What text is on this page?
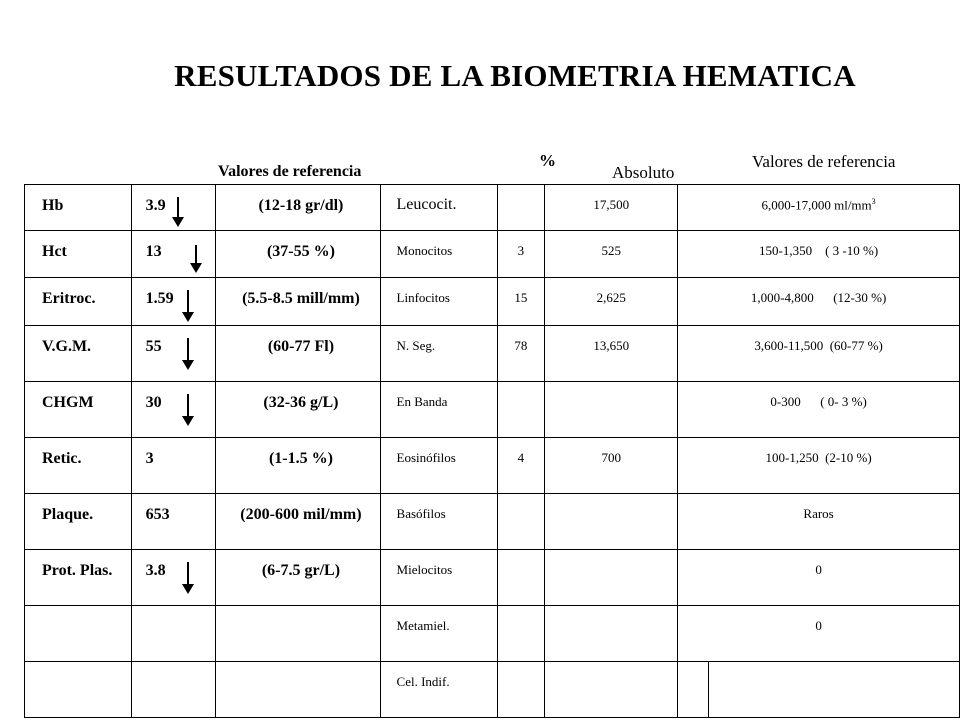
RESULTADOS DE LA BIOMETRIA HEMATICA
Valores de referencia
%
Absoluto
Valores de referencia
Hb	3.9	(12-18 gr/dl)	Leucocit.		17,500	6,000-17,000 $ml/mm^3$
Hct	13	(37-55 %)	Monocitos	3	525	150-1,350    ( 3 -10 %)
Eritroc.	1.59	(5.5-8.5 mill/mm)	Linfocitos	15	2,625	1,000-4,800      (12-30 %)
V.G.M.	55	(60-77 Fl)	N. Seg.	78	13,650	3,600-11,500  (60-77 %)
CHGM	30	(32-36 g/L)	En Banda			0-300      ( 0- 3 %)
Retic.	3	(1-1.5 %)	Eosinófilos	4	700	100-1,250  (2-10 %)
Plaque.	653	(200-600 mil/mm)	Basófilos			Raros
Prot. Plas.	3.8	(6-7.5 gr/L)	Mielocitos			0
			Metamiel.			0
			Cel. Indif.			
